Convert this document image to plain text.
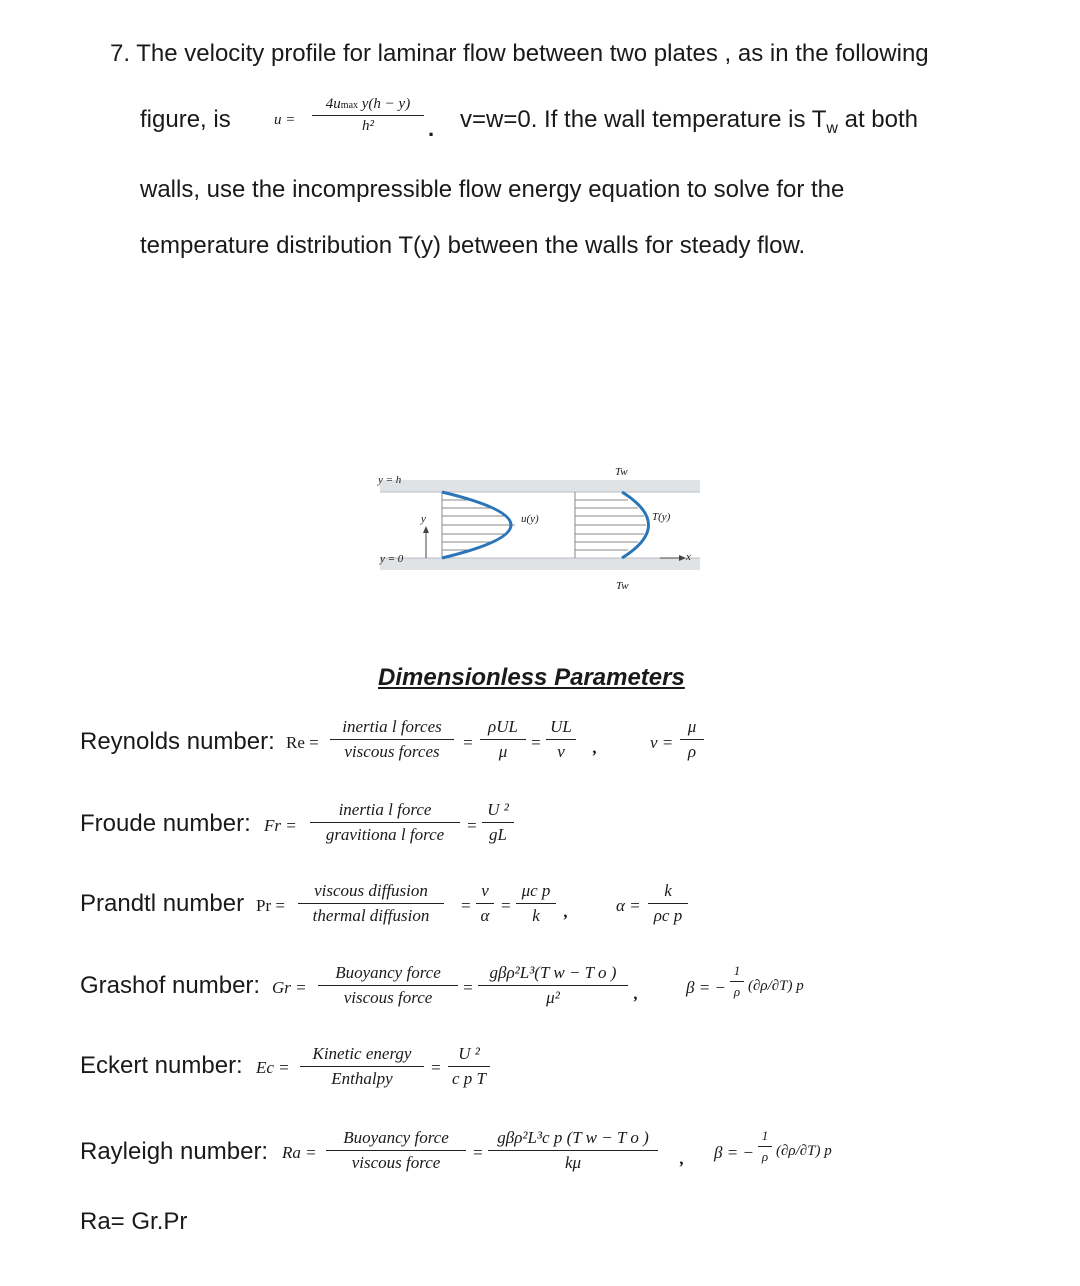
7. The velocity profile for laminar flow between two plates , as in the following
figure, is	u =
4umax y(h − y)
h²	. v=w=0. If the wall temperature is $T_w$ at both
walls, use the incompressible flow energy equation to solve for the
temperature distribution T(y) between the walls for steady flow.
y = h
y = 0
y	u(y)	T(y)
Tw
Tw
x
Dimensionless Parameters
Reynolds number: Re =
inertia l forces
viscous forces	=
ρUL
μ	=
UL
ν	,	ν =
μ
ρ
Froude number: Fr =
inertia l force
gravitiona l force	=
U ²
gL
Prandtl number Pr =
viscous diffusion
thermal diffusion
=
ν
α
=
μc p
k	,	α =
k
ρc p
Grashof number: Gr =
Buoyancy force
viscous force
=
gβρ²L³(T w − T o )
μ²	,	β = −
1
ρ (∂ρ/∂T) p
Eckert number: Ec =
Kinetic energy
Enthalpy
=
U ²
c p T
Rayleigh number: Ra =
Buoyancy force
viscous force
=
gβρ²L³c p (T w − T o )
kμ	, β = −
1
ρ (∂ρ/∂T) p
Ra= Gr.Pr
